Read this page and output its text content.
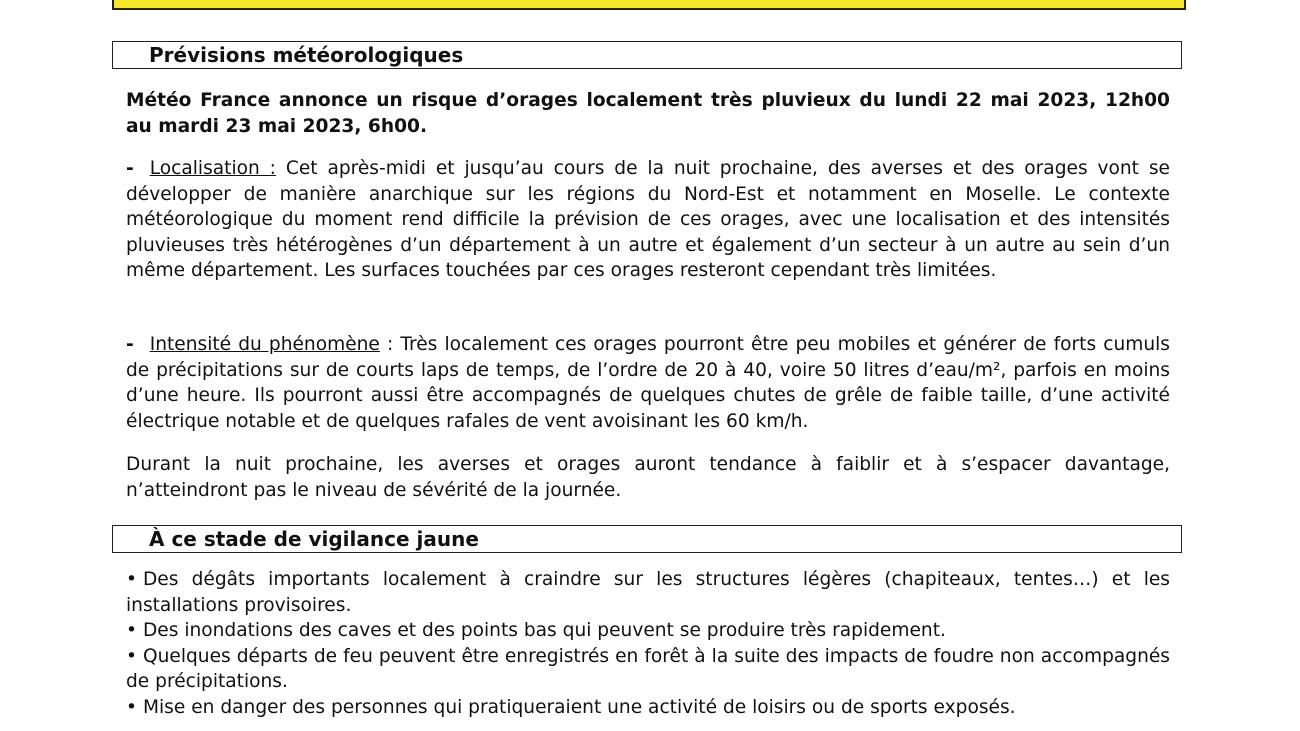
Prévisions météorologiques
Météo France annonce un risque d’orages localement très pluvieux du lundi 22 mai 2023, 12h00 au mardi 23 mai 2023, 6h00.
- Localisation : Cet après-midi et jusqu’au cours de la nuit prochaine, des averses et des orages vont se développer de manière anarchique sur les régions du Nord-Est et notamment en Moselle. Le contexte météorologique du moment rend difficile la prévision de ces orages, avec une localisation et des intensités pluvieuses très hétérogènes d’un département à un autre et également d’un secteur à un autre au sein d’un même département. Les surfaces touchées par ces orages resteront cependant très limitées.
- Intensité du phénomène : Très localement ces orages pourront être peu mobiles et générer de forts cumuls de précipitations sur de courts laps de temps, de l’ordre de 20 à 40, voire 50 litres d’eau/m², parfois en moins d’une heure. Ils pourront aussi être accompagnés de quelques chutes de grêle de faible taille, d’une activité électrique notable et de quelques rafales de vent avoisinant les 60 km/h.
Durant la nuit prochaine, les averses et orages auront tendance à faiblir et à s’espacer davantage, n’atteindront pas le niveau de sévérité de la journée.
À ce stade de vigilance jaune
• Des dégâts importants localement à craindre sur les structures légères (chapiteaux, tentes…) et les installations provisoires.
• Des inondations des caves et des points bas qui peuvent se produire très rapidement.
• Quelques départs de feu peuvent être enregistrés en forêt à la suite des impacts de foudre non accompagnés de précipitations.
• Mise en danger des personnes qui pratiqueraient une activité de loisirs ou de sports exposés.
